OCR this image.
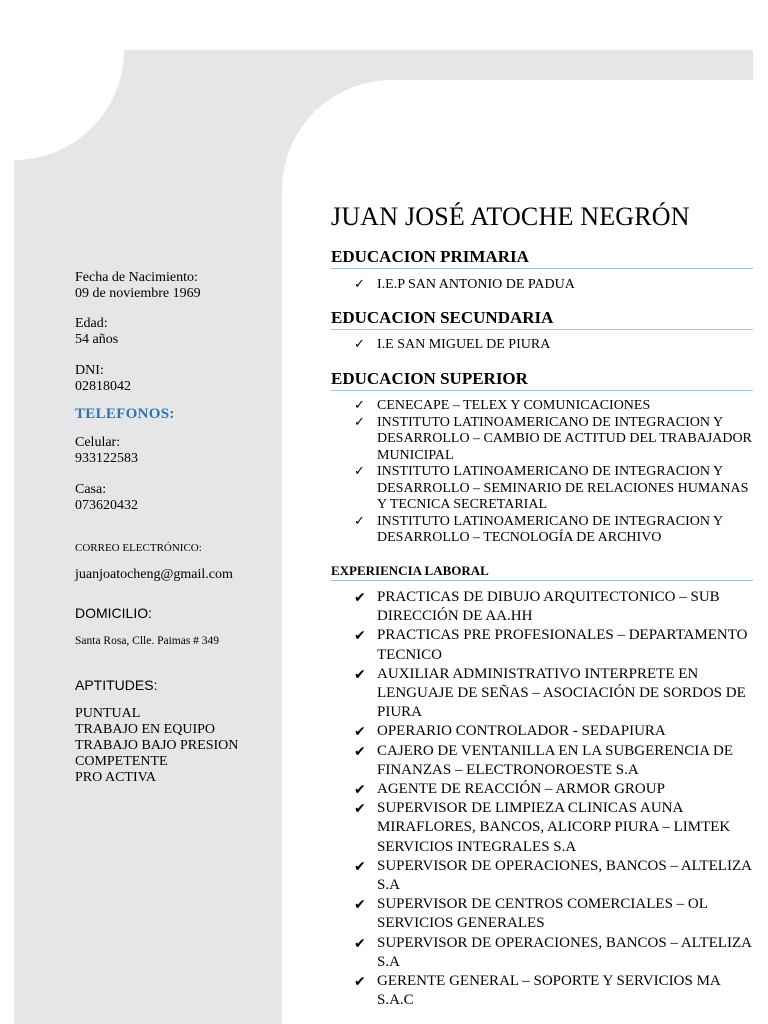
Fecha de Nacimiento:
09 de noviembre 1969
Edad:
54 años
DNI:
02818042
TELEFONOS:
Celular:
933122583
Casa:
073620432
CORREO ELECTRÓNICO:
juanjoatocheng@gmail.com
DOMICILIO:
Santa Rosa, Clle. Paimas # 349
APTITUDES:
PUNTUAL
TRABAJO EN EQUIPO
TRABAJO BAJO PRESION
COMPETENTE
PRO ACTIVA
JUAN JOSÉ ATOCHE NEGRÓN
EDUCACION PRIMARIA
✓ I.E.P SAN ANTONIO DE PADUA
EDUCACION SECUNDARIA
✓ I.E SAN MIGUEL DE PIURA
EDUCACION SUPERIOR
✓ CENECAPE – TELEX Y COMUNICACIONES
✓ INSTITUTO LATINOAMERICANO DE INTEGRACION Y DESARROLLO – CAMBIO DE ACTITUD DEL TRABAJADOR MUNICIPAL
✓ INSTITUTO LATINOAMERICANO DE INTEGRACION Y DESARROLLO – SEMINARIO DE RELACIONES HUMANAS Y TECNICA SECRETARIAL
✓ INSTITUTO LATINOAMERICANO DE INTEGRACION Y DESARROLLO – TECNOLOGÍA DE ARCHIVO
EXPERIENCIA LABORAL
✔ PRACTICAS DE DIBUJO ARQUITECTONICO – SUB DIRECCIÓN DE AA.HH
✔ PRACTICAS PRE PROFESIONALES – DEPARTAMENTO TECNICO
✔ AUXILIAR ADMINISTRATIVO INTERPRETE EN LENGUAJE DE SEÑAS – ASOCIACIÓN DE SORDOS DE PIURA
✔ OPERARIO CONTROLADOR - SEDAPIURA
✔ CAJERO DE VENTANILLA EN LA SUBGERENCIA DE FINANZAS – ELECTRONOROESTE S.A
✔ AGENTE DE REACCIÓN – ARMOR GROUP
✔ SUPERVISOR DE LIMPIEZA CLINICAS AUNA MIRAFLORES, BANCOS, ALICORP PIURA – LIMTEK SERVICIOS INTEGRALES S.A
✔ SUPERVISOR DE OPERACIONES, BANCOS – ALTELIZA S.A
✔ SUPERVISOR DE CENTROS COMERCIALES – OL SERVICIOS GENERALES
✔ SUPERVISOR DE OPERACIONES, BANCOS – ALTELIZA S.A
✔ GERENTE GENERAL – SOPORTE Y SERVICIOS MA S.A.C
